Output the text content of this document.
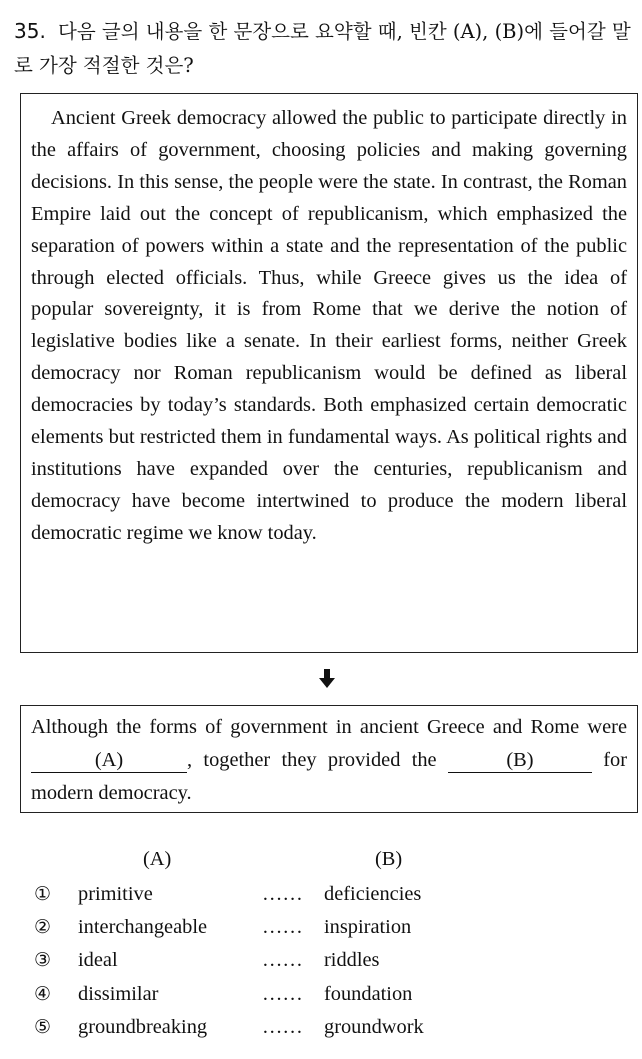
35. 다음 글의 내용을 한 문장으로 요약할 때, 빈칸 (A), (B)에 들어갈 말로 가장 적절한 것은?

Ancient Greek democracy allowed the public to participate directly in the affairs of government, choosing policies and making governing decisions. In this sense, the people were the state. In contrast, the Roman Empire laid out the concept of republicanism, which emphasized the separation of powers within a state and the representation of the public through elected officials. Thus, while Greece gives us the idea of popular sovereignty, it is from Rome that we derive the notion of legislative bodies like a senate. In their earliest forms, neither Greek democracy nor Roman republicanism would be defined as liberal democracies by today’s standards. Both emphasized certain democratic elements but restricted them in fundamental ways. As political rights and institutions have expanded over the centuries, republicanism and democracy have become intertwined to produce the modern liberal democratic regime we know today.

Although the forms of government in ancient Greece and Rome were (A)	, together they provided the	(B)	for modern democracy.
(A)	(B)
① primitive	…… deficiencies
② interchangeable	…… inspiration
③ ideal	…… riddles
④ dissimilar	…… foundation
⑤ groundbreaking	…… groundwork
